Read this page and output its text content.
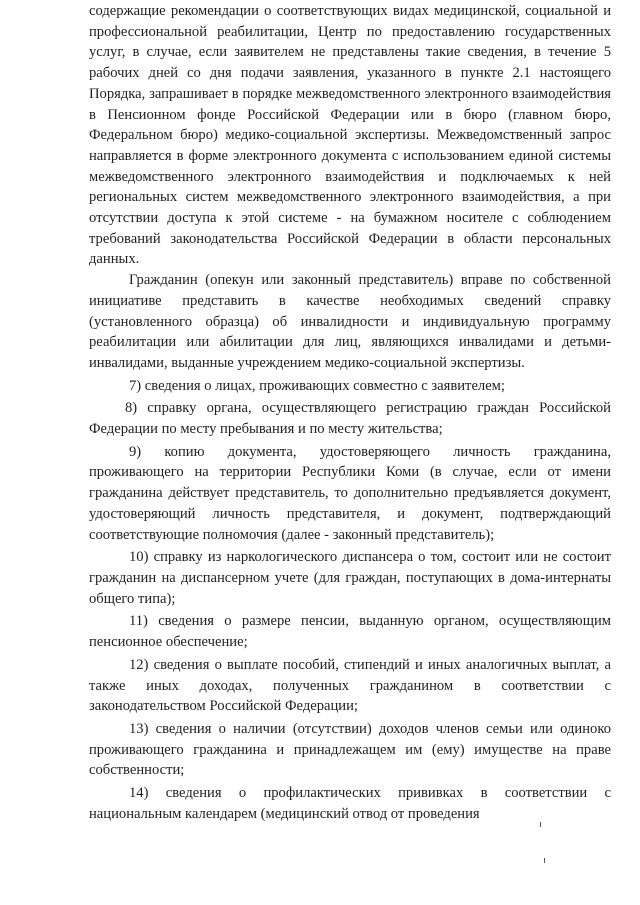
содержащие рекомендации о соответствующих видах медицинской, социальной и профессиональной реабилитации, Центр по предоставлению государственных услуг, в случае, если заявителем не представлены такие сведения, в течение 5 рабочих дней со дня подачи заявления, указанного в пункте 2.1 настоящего Порядка, запрашивает в порядке межведомственного электронного взаимодействия в Пенсионном фонде Российской Федерации или в бюро (главном бюро, Федеральном бюро) медико-социальной экспертизы. Межведомственный запрос направляется в форме электронного документа с использованием единой системы межведомственного электронного взаимодействия и подключаемых к ней региональных систем межведомственного электронного взаимодействия, а при отсутствии доступа к этой системе - на бумажном носителе с соблюдением требований законодательства Российской Федерации в области персональных данных.

Гражданин (опекун или законный представитель) вправе по собственной инициативе представить в качестве необходимых сведений справку (установленного образца) об инвалидности и индивидуальную программу реабилитации или абилитации для лиц, являющихся инвалидами и детьми-инвалидами, выданные учреждением медико-социальной экспертизы.

7) сведения о лицах, проживающих совместно с заявителем;

8) справку органа, осуществляющего регистрацию граждан Российской Федерации по месту пребывания и по месту жительства;

9) копию документа, удостоверяющего личность гражданина, проживающего на территории Республики Коми (в случае, если от имени гражданина действует представитель, то дополнительно предъявляется документ, удостоверяющий личность представителя, и документ, подтверждающий соответствующие полномочия (далее - законный представитель);

10) справку из наркологического диспансера о том, состоит или не состоит гражданин на диспансерном учете (для граждан, поступающих в дома-интернаты общего типа);

11) сведения о размере пенсии, выданную органом, осуществляющим пенсионное обеспечение;

12) сведения о выплате пособий, стипендий и иных аналогичных выплат, а также иных доходах, полученных гражданином в соответствии с законодательством Российской Федерации;

13) сведения о наличии (отсутствии) доходов членов семьи или одиноко проживающего гражданина и принадлежащем им (ему) имуществе на праве собственности;

14) сведения о профилактических прививках в соответствии с национальным календарем (медицинский отвод от проведения
